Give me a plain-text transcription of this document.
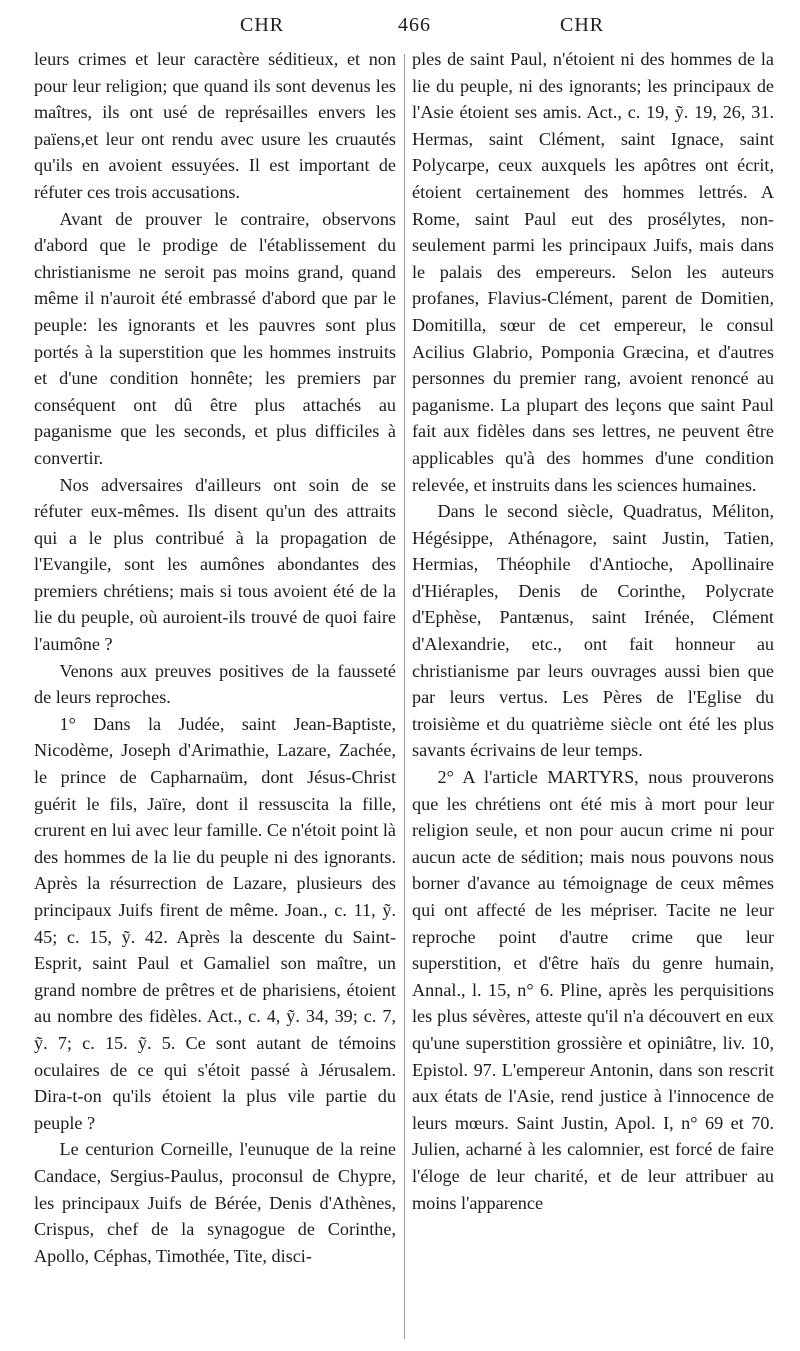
CHR	466	CHR

leurs crimes et leur caractère séditieux, et non pour leur religion; que quand ils sont devenus les maîtres, ils ont usé de représailles envers les païens,et leur ont rendu avec usure les cruautés qu'ils en avoient essuyées. Il est important de réfuter ces trois accusations.

Avant de prouver le contraire, observons d'abord que le prodige de l'établissement du christianisme ne seroit pas moins grand, quand même il n'auroit été embrassé d'abord que par le peuple: les ignorants et les pauvres sont plus portés à la superstition que les hommes instruits et d'une condition honnête; les premiers par conséquent ont dû être plus attachés au paganisme que les seconds, et plus difficiles à convertir.

Nos adversaires d'ailleurs ont soin de se réfuter eux-mêmes. Ils disent qu'un des attraits qui a le plus contribué à la propagation de l'Evangile, sont les aumônes abondantes des premiers chrétiens; mais si tous avoient été de la lie du peuple, où auroient-ils trouvé de quoi faire l'aumône ?

Venons aux preuves positives de la fausseté de leurs reproches.

1° Dans la Judée, saint Jean-Baptiste, Nicodème, Joseph d'Arimathie, Lazare, Zachée, le prince de Capharnaüm, dont Jésus-Christ guérit le fils, Jaïre, dont il ressuscita la fille, crurent en lui avec leur famille. Ce n'étoit point là des hommes de la lie du peuple ni des ignorants. Après la résurrection de Lazare, plusieurs des principaux Juifs firent de même. Joan., c. 11, ỹ. 45; c. 15, ỹ. 42. Après la descente du Saint-Esprit, saint Paul et Gamaliel son maître, un grand nombre de prêtres et de pharisiens, étoient au nombre des fidèles. Act., c. 4, ỹ. 34, 39; c. 7, ỹ. 7; c. 15. ỹ. 5. Ce sont autant de témoins oculaires de ce qui s'étoit passé à Jérusalem. Dira-t-on qu'ils étoient la plus vile partie du peuple ?

Le centurion Corneille, l'eunuque de la reine Candace, Sergius-Paulus, proconsul de Chypre, les principaux Juifs de Bérée, Denis d'Athènes, Crispus, chef de la synagogue de Corinthe, Apollo, Céphas, Timothée, Tite, disci-

ples de saint Paul, n'étoient ni des hommes de la lie du peuple, ni des ignorants; les principaux de l'Asie étoient ses amis. Act., c. 19, ỹ. 19, 26, 31. Hermas, saint Clément, saint Ignace, saint Polycarpe, ceux auxquels les apôtres ont écrit, étoient certainement des hommes lettrés. A Rome, saint Paul eut des prosélytes, non-seulement parmi les principaux Juifs, mais dans le palais des empereurs. Selon les auteurs profanes, Flavius-Clément, parent de Domitien, Domitilla, sœur de cet empereur, le consul Acilius Glabrio, Pomponia Græcina, et d'autres personnes du premier rang, avoient renoncé au paganisme. La plupart des leçons que saint Paul fait aux fidèles dans ses lettres, ne peuvent être applicables qu'à des hommes d'une condition relevée, et instruits dans les sciences humaines.

Dans le second siècle, Quadratus, Méliton, Hégésippe, Athénagore, saint Justin, Tatien, Hermias, Théophile d'Antioche, Apollinaire d'Hiéraples, Denis de Corinthe, Polycrate d'Ephèse, Pantænus, saint Irénée, Clément d'Alexandrie, etc., ont fait honneur au christianisme par leurs ouvrages aussi bien que par leurs vertus. Les Pères de l'Eglise du troisième et du quatrième siècle ont été les plus savants écrivains de leur temps.

2° A l'article MARTYRS, nous prouverons que les chrétiens ont été mis à mort pour leur religion seule, et non pour aucun crime ni pour aucun acte de sédition; mais nous pouvons nous borner d'avance au témoignage de ceux mêmes qui ont affecté de les mépriser. Tacite ne leur reproche point d'autre crime que leur superstition, et d'être haïs du genre humain, Annal., l. 15, n° 6. Pline, après les perquisitions les plus sévères, atteste qu'il n'a découvert en eux qu'une superstition grossière et opiniâtre, liv. 10, Epistol. 97. L'empereur Antonin, dans son rescrit aux états de l'Asie, rend justice à l'innocence de leurs mœurs. Saint Justin, Apol. I, n° 69 et 70. Julien, acharné à les calomnier, est forcé de faire l'éloge de leur charité, et de leur attribuer au moins l'apparence
